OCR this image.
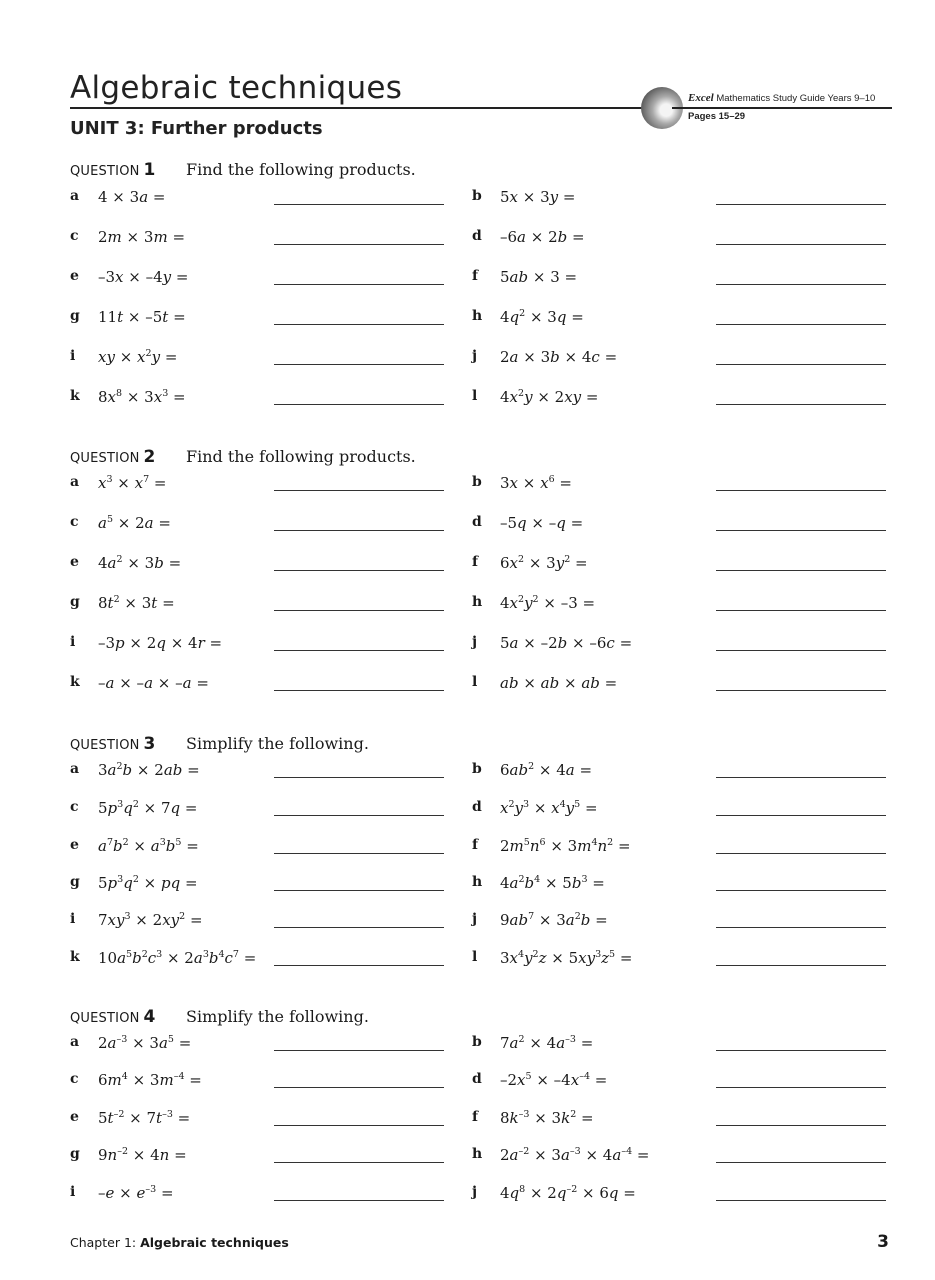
Algebraic techniques	Excel Mathematics Study Guide Years 9–10
Pages 15–29
UNIT 3: Further products
QUESTION 1 Find the following products.
a 4 × 3a =	b 5x × 3y =
c 2m × 3m =	d –6a × 2b =
e –3x × –4y =	f 5ab × 3 =
g 11t × –5t =	h $4q^2 \times 3q$ =
i xy × $x^2y$ =	j 2a × 3b × 4c =
k $8x^8 \times 3x^3$ =	l $4x^2y \times 2xy$ =
QUESTION 2 Find the following products.
a $x^3 \times x^7$ =	b $3x \times x^6$ =
c $a^5 \times 2a$ =	d –5q × –q =
e $4a^2 \times 3b$ =	f $6x^2 \times 3y^2$ =
g $8t^2 \times 3t$ =	h $4x^2y^2 \times -3$ =
i –3p × 2q × 4r =	j 5a × –2b × –6c =
k –a × –a × –a =	l ab × ab × ab =
QUESTION 3 Simplify the following.
a $3a^2b \times 2ab$ =	b $6ab^2 \times 4a$ =
c $5p^3q^2 \times 7q$ =	d $x^2y^3 \times x^4y^5$ =
e $a^7b^2 \times a^3b^5$ =	f $2m^5n^6 \times 3m^4n^2$ =
g $5p^3q^2$ × pq =	h $4a^2b^4 \times 5b^3$ =
i $7xy^3 \times 2xy^2$ =	j $9ab^7 \times 3a^2b$ =
k $10a^5b^2c^3 \times 2a^3b^4c^7$ =	l $3x^4y^2z \times 5xy^3z^5$ =
QUESTION 4 Simplify the following.
a $2a^{-3} \times 3a^5$ =	b $7a^2 \times 4a^{-3}$ =
c $6m^4 \times 3m^{-4}$ =	d $-2x^5 \times -4x^{-4}$ =
e $5t^{-2} \times 7t^{-3}$ =	f $8k^{-3} \times 3k^2$ =
g $9n^{-2} \times 4n$ =	h $2a^{-2} \times 3a^{-3} \times 4a^{-4}$ =
i $-e \times e^{-3}$ =	j $4q^8 \times 2q^{-2} \times 6q$ =
Chapter 1: Algebraic techniques	3
